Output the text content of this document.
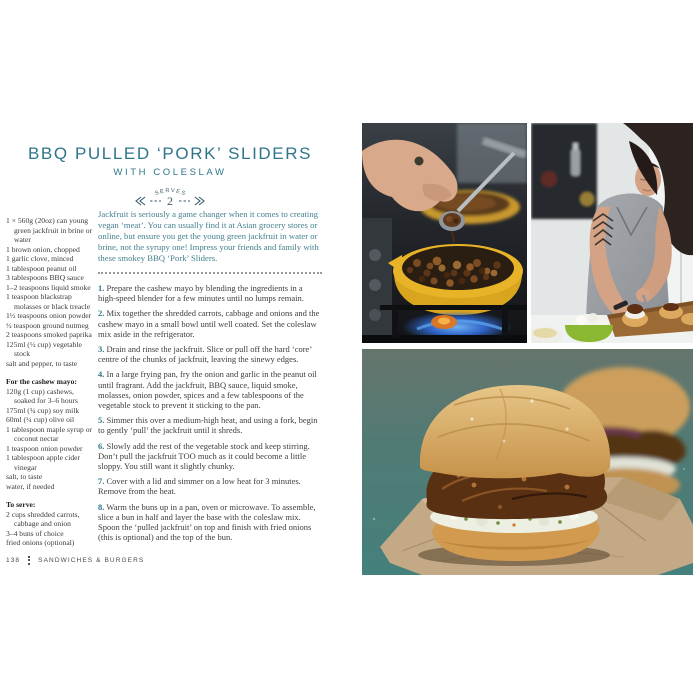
BBQ PULLED ‘PORK’ SLIDERS
WITH COLESLAW
SERVES
2
1 × 560g (20oz) can young green jackfruit in brine or water
1 brown onion, chopped
1 garlic clove, minced
1 tablespoon peanut oil
3 tablespoons BBQ sauce
1–2 teaspoons liquid smoke
1 teaspoon blackstrap molasses or black treacle
1½ teaspoons onion powder
½ teaspoon ground nutmeg
2 teaspoons smoked paprika
125ml (½ cup) vegetable stock
salt and pepper, to taste

For the cashew mayo:

120g (1 cup) cashews, soaked for 3–6 hours
175ml (¾ cup) soy milk
60ml (¼ cup) olive oil
1 tablespoon maple syrup or coconut nectar
1 teaspoon onion powder
1 tablespoon apple cider vinegar
salt, to taste
water, if needed

To serve:

2 cups shredded carrots, cabbage and onion
3–4 buns of choice
fried onions (optional)

Jackfruit is seriously a game changer when it comes to creating vegan ‘meat’. You can usually find it at Asian grocery stores or online, but ensure you get the young green jackfruit in water or brine, not the syrupy one! Impress your friends and family with these smokey BBQ ‘Pork’ Sliders.

1. Prepare the cashew mayo by blending the ingredients in a high-speed blender for a few minutes until no lumps remain.

2. Mix together the shredded carrots, cabbage and onions and the cashew mayo in a small bowl until well coated. Set the coleslaw mix aside in the refrigerator.

3. Drain and rinse the jackfruit. Slice or pull off the hard ‘core’ centre of the chunks of jackfruit, leaving the sinewy edges.

4. In a large frying pan, fry the onion and garlic in the peanut oil until fragrant. Add the jackfruit, BBQ sauce, liquid smoke, molasses, onion powder, spices and a few tablespoons of the vegetable stock to prevent it sticking to the pan.

5. Simmer this over a medium-high heat, and using a fork, begin to gently ‘pull’ the jackfruit until it shreds.

6. Slowly add the rest of the vegetable stock and keep stirring. Don’t pull the jackfruit TOO much as it could become a little sloppy. You still want it slightly chunky.

7. Cover with a lid and simmer on a low heat for 3 minutes. Remove from the heat.

8. Warm the buns up in a pan, oven or microwave. To assemble, slice a bun in half and layer the base with the coleslaw mix. Spoon the ‘pulled jackfruit’ on top and finish with fried onions (this is optional) and the top of the bun.

138	SANDWICHES & BURGERS
